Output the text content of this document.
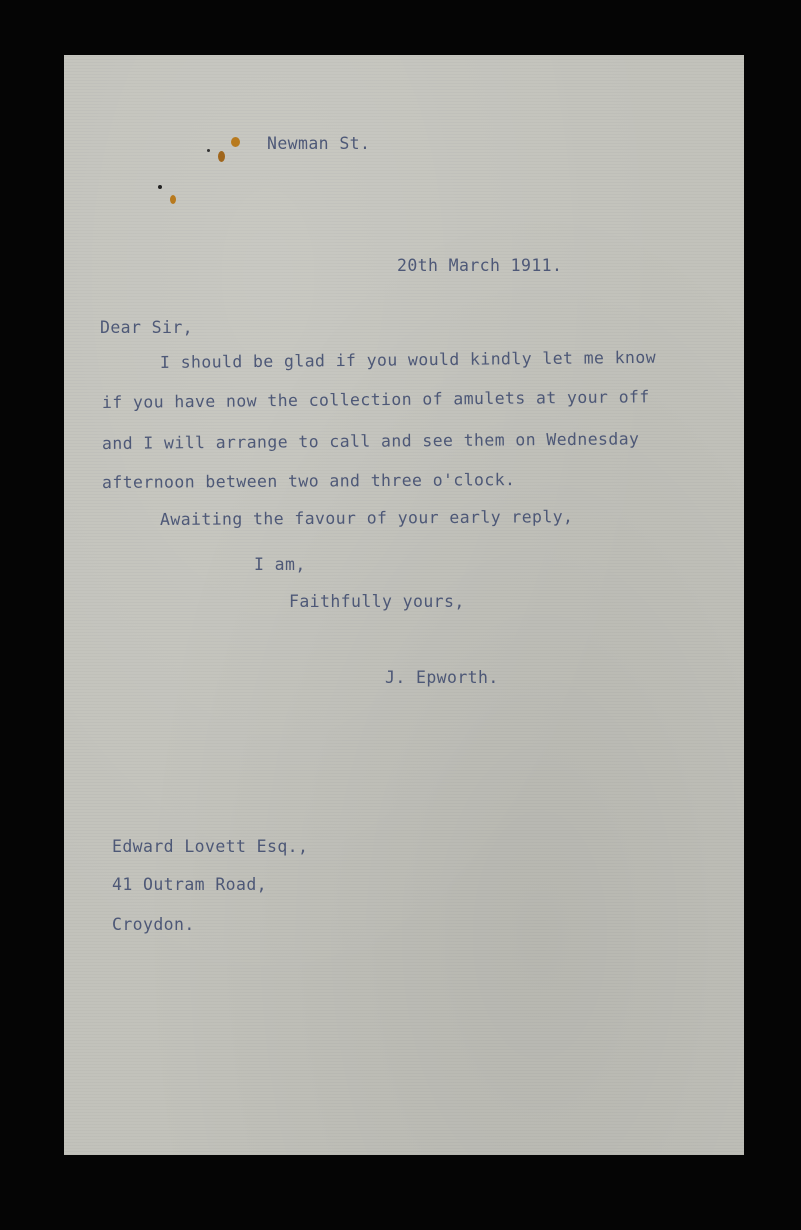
Newman St.
20th March 1911.
Dear Sir,
I should be glad if you would kindly let me know
if you have now the collection of amulets at your off
and I will arrange to call and see them on Wednesday
afternoon between two and three o'clock.
Awaiting the favour of your early reply,
I am,
Faithfully yours,
J. Epworth.
Edward Lovett Esq.,
41 Outram Road,
Croydon.
